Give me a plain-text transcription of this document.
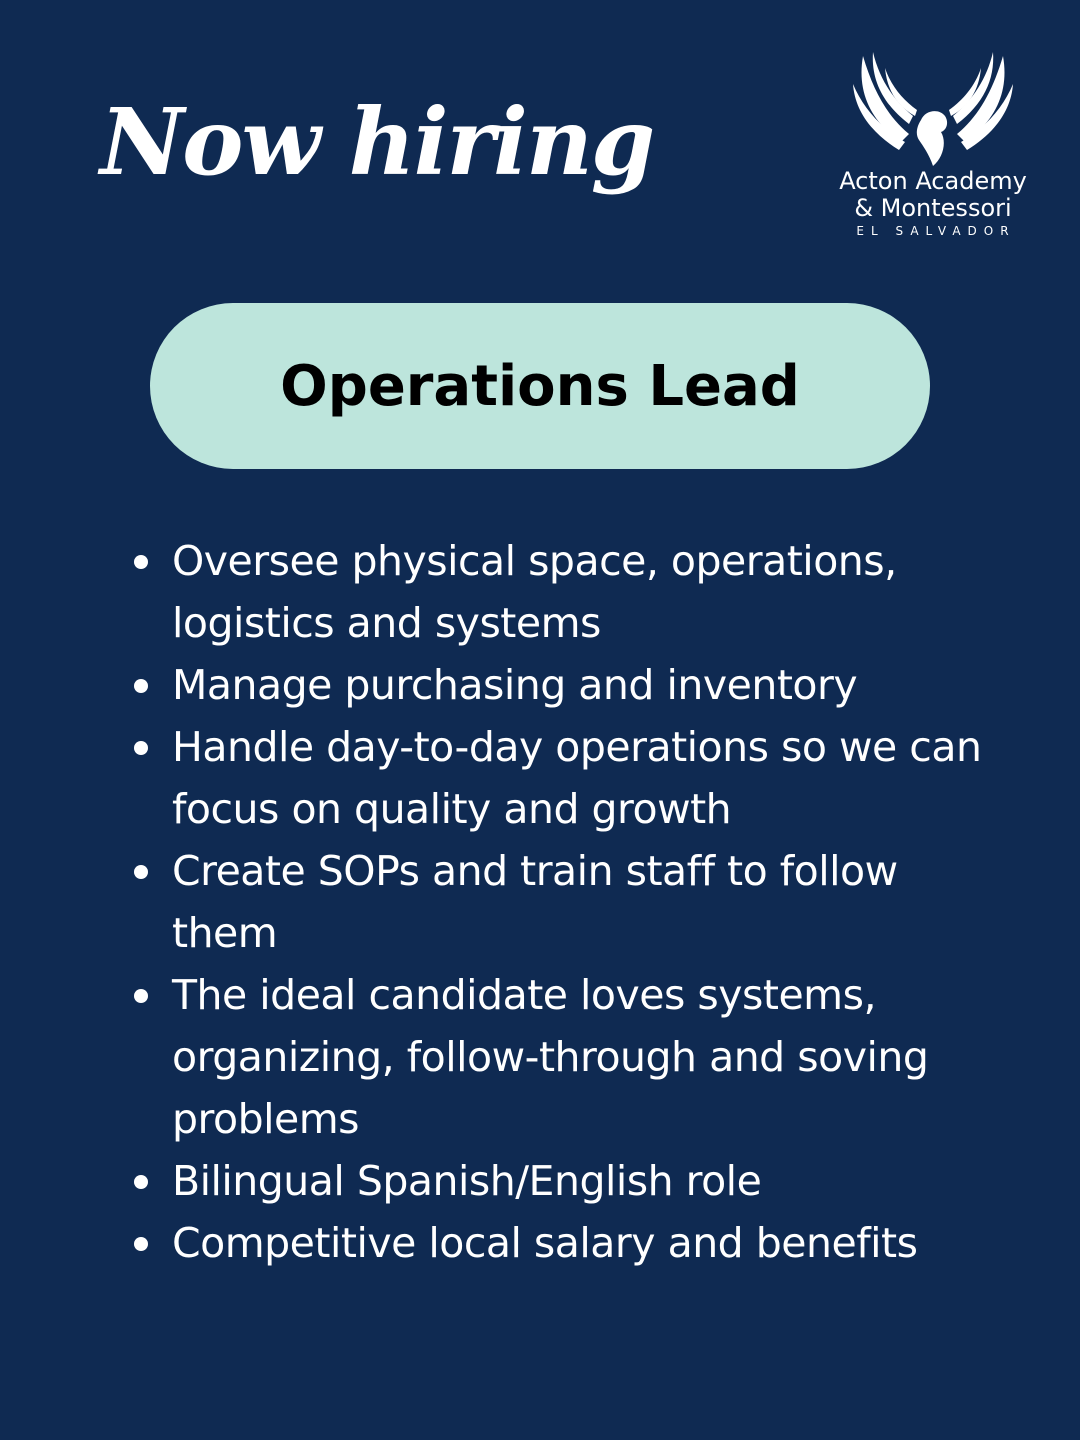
Now hiring	Acton Academy
& Montessori
EL SALVADOR
Operations Lead
Oversee physical space, operations, logistics and systems
Manage purchasing and inventory
Handle day-to-day operations so we can focus on quality and growth
Create SOPs and train staff to follow them
The ideal candidate loves systems, organizing, follow-through and soving problems
Bilingual Spanish/English role
Competitive local salary and benefits
